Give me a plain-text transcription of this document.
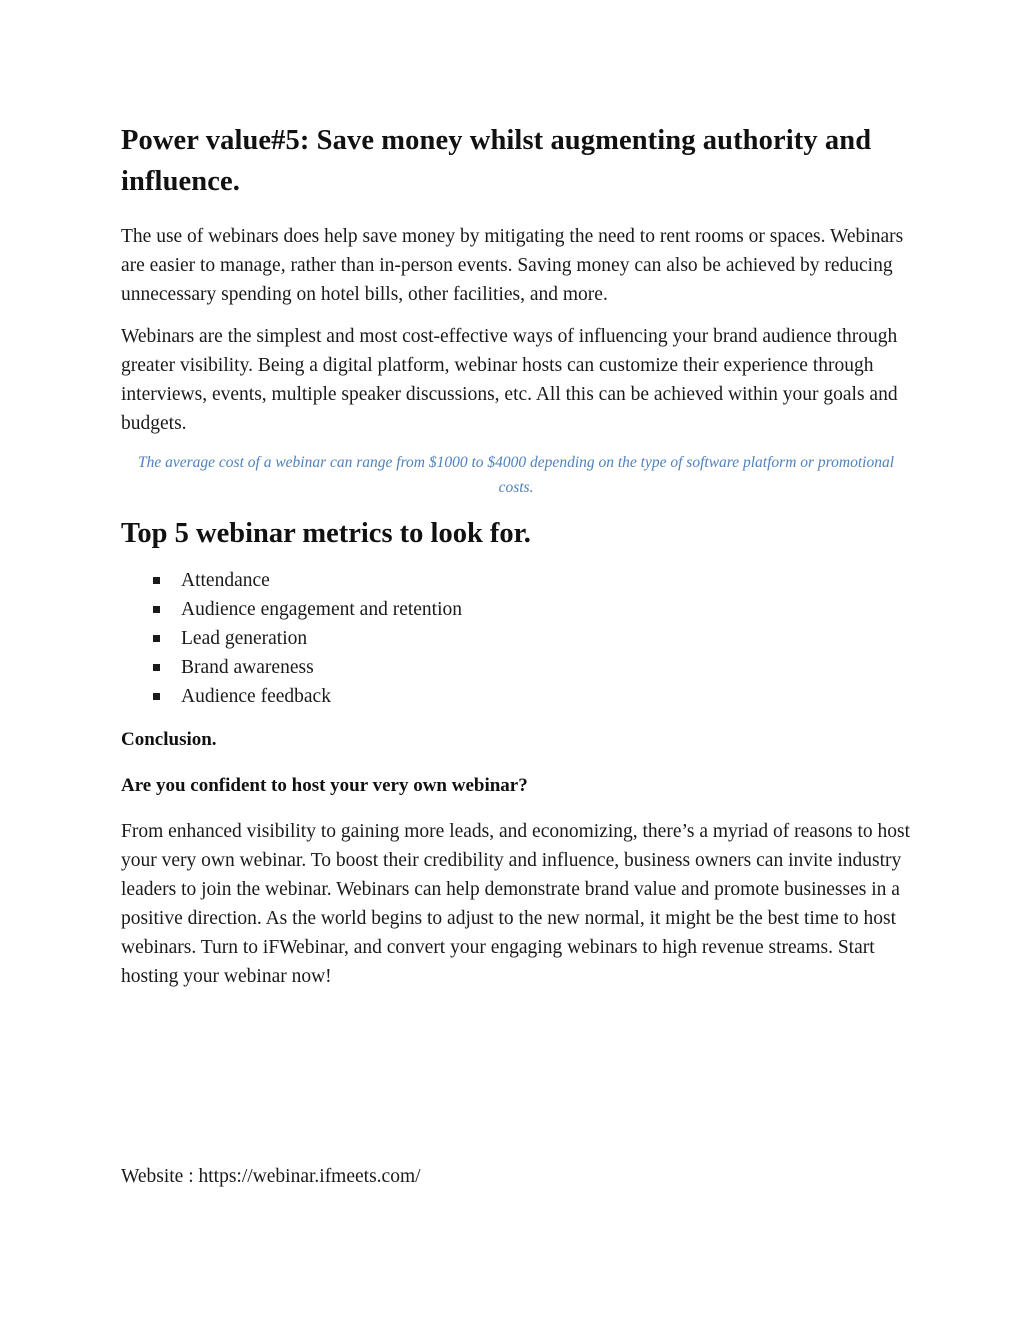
Power value#5: Save money whilst augmenting authority and influence.

The use of webinars does help save money by mitigating the need to rent rooms or spaces. Webinars are easier to manage, rather than in-person events. Saving money can also be achieved by reducing unnecessary spending on hotel bills, other facilities, and more.

Webinars are the simplest and most cost-effective ways of influencing your brand audience through greater visibility. Being a digital platform, webinar hosts can customize their experience through interviews, events, multiple speaker discussions, etc. All this can be achieved within your goals and budgets.

The average cost of a webinar can range from $1000 to $4000 depending on the type of software platform or promotional costs.

Top 5 webinar metrics to look for.
Attendance
Audience engagement and retention
Lead generation
Brand awareness
Audience feedback

Conclusion.

Are you confident to host your very own webinar?

From enhanced visibility to gaining more leads, and economizing, there’s a myriad of reasons to host your very own webinar. To boost their credibility and influence, business owners can invite industry leaders to join the webinar. Webinars can help demonstrate brand value and promote businesses in a positive direction. As the world begins to adjust to the new normal, it might be the best time to host webinars. Turn to iFWebinar, and convert your engaging webinars to high revenue streams. Start hosting your webinar now!

Website : https://webinar.ifmeets.com/
